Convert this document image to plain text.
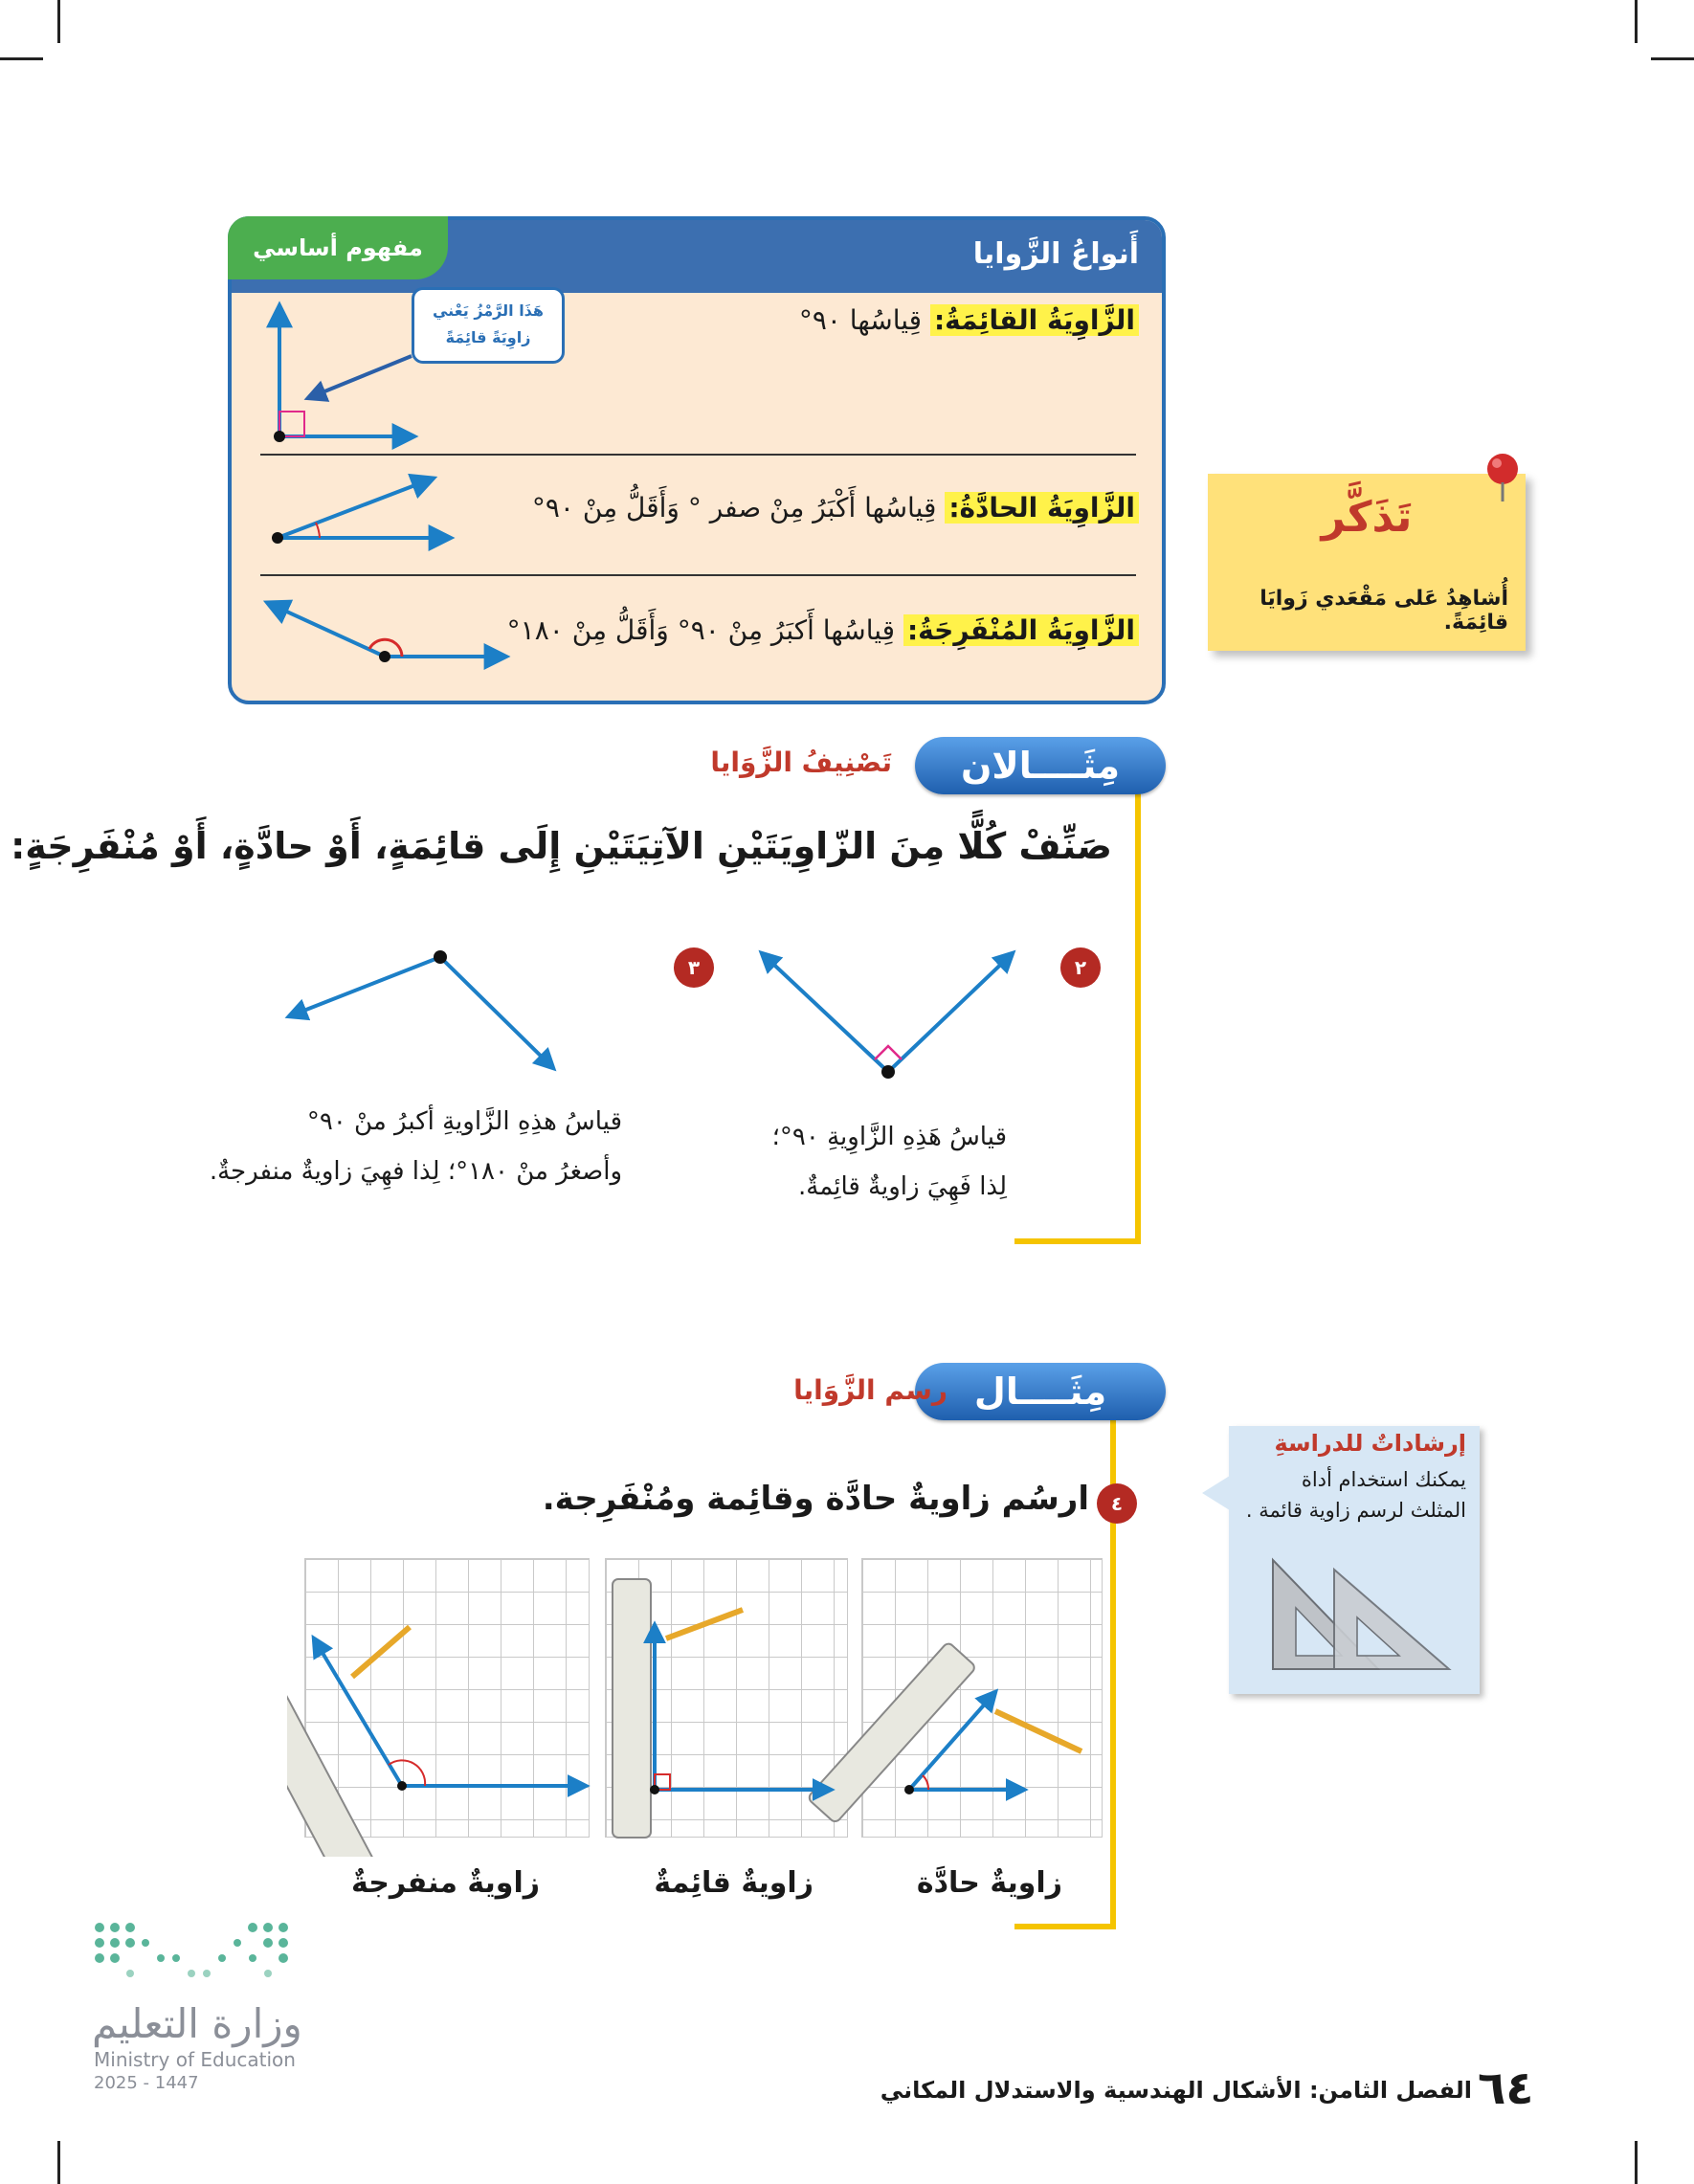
أَنواعُ الزَّوايا
مفهوم أساسي
الزَّاوِيَةُ القائِمَةُ: قِياسُها ٩٠°
الزَّاوِيَةُ الحادَّةُ: قِياسُها أَكْبَرُ مِنْ صفر ° وَأَقَلُّ مِنْ ٩٠°
الزَّاوِيَةُ المُنْفَرِجَةُ: قِياسُها أَكبَرُ مِنْ ٩٠° وَأَقَلُّ مِنْ ١٨٠°
هَذَا الرَّمْزُ يَعْني
زاوِيَةً قائِمَةً
تَذَكَّر
أُشاهِدُ عَلى مَقْعَدي زَوايَا قائِمَةً.
مِثَــــالان
تَصْنِيفُ الزَّوَايا
صَنِّفْ كُلًّا مِنَ الزّاوِيَتَيْنِ الآتِيَتَيْنِ إِلَى قائِمَةٍ، أَوْ حادَّةٍ، أَوْ مُنْفَرِجَةٍ:
٢
٣
قياسُ هَذِهِ الزَّاوِيةِ ٩٠°؛
لِذا فَهِيَ زاويةٌ قائِمةٌ.
قياسُ هذِهِ الزَّاويةِ أكبرُ منْ ٩٠°
وأصغرُ منْ ١٨٠°؛ لِذا فهِيَ زاويةٌ منفرجةٌ.
مِثَــــال
رسم الزَّوَايا
٤
ارسُم زاويةٌ حادَّة وقائِمة ومُنْفَرِجة.
إرشاداتٌ للدراسةِ
يمكنك استخدام أداة المثلث لرسم زاوية قائمة .
زاويةٌ حادَّة
زاويةٌ قائِمةٌ
زاويةٌ منفرجةٌ
٦٤
الفصل الثامن: الأشكال الهندسية والاستدلال المكاني
وزارة التعليم
Ministry of Education
2025 - 1447
